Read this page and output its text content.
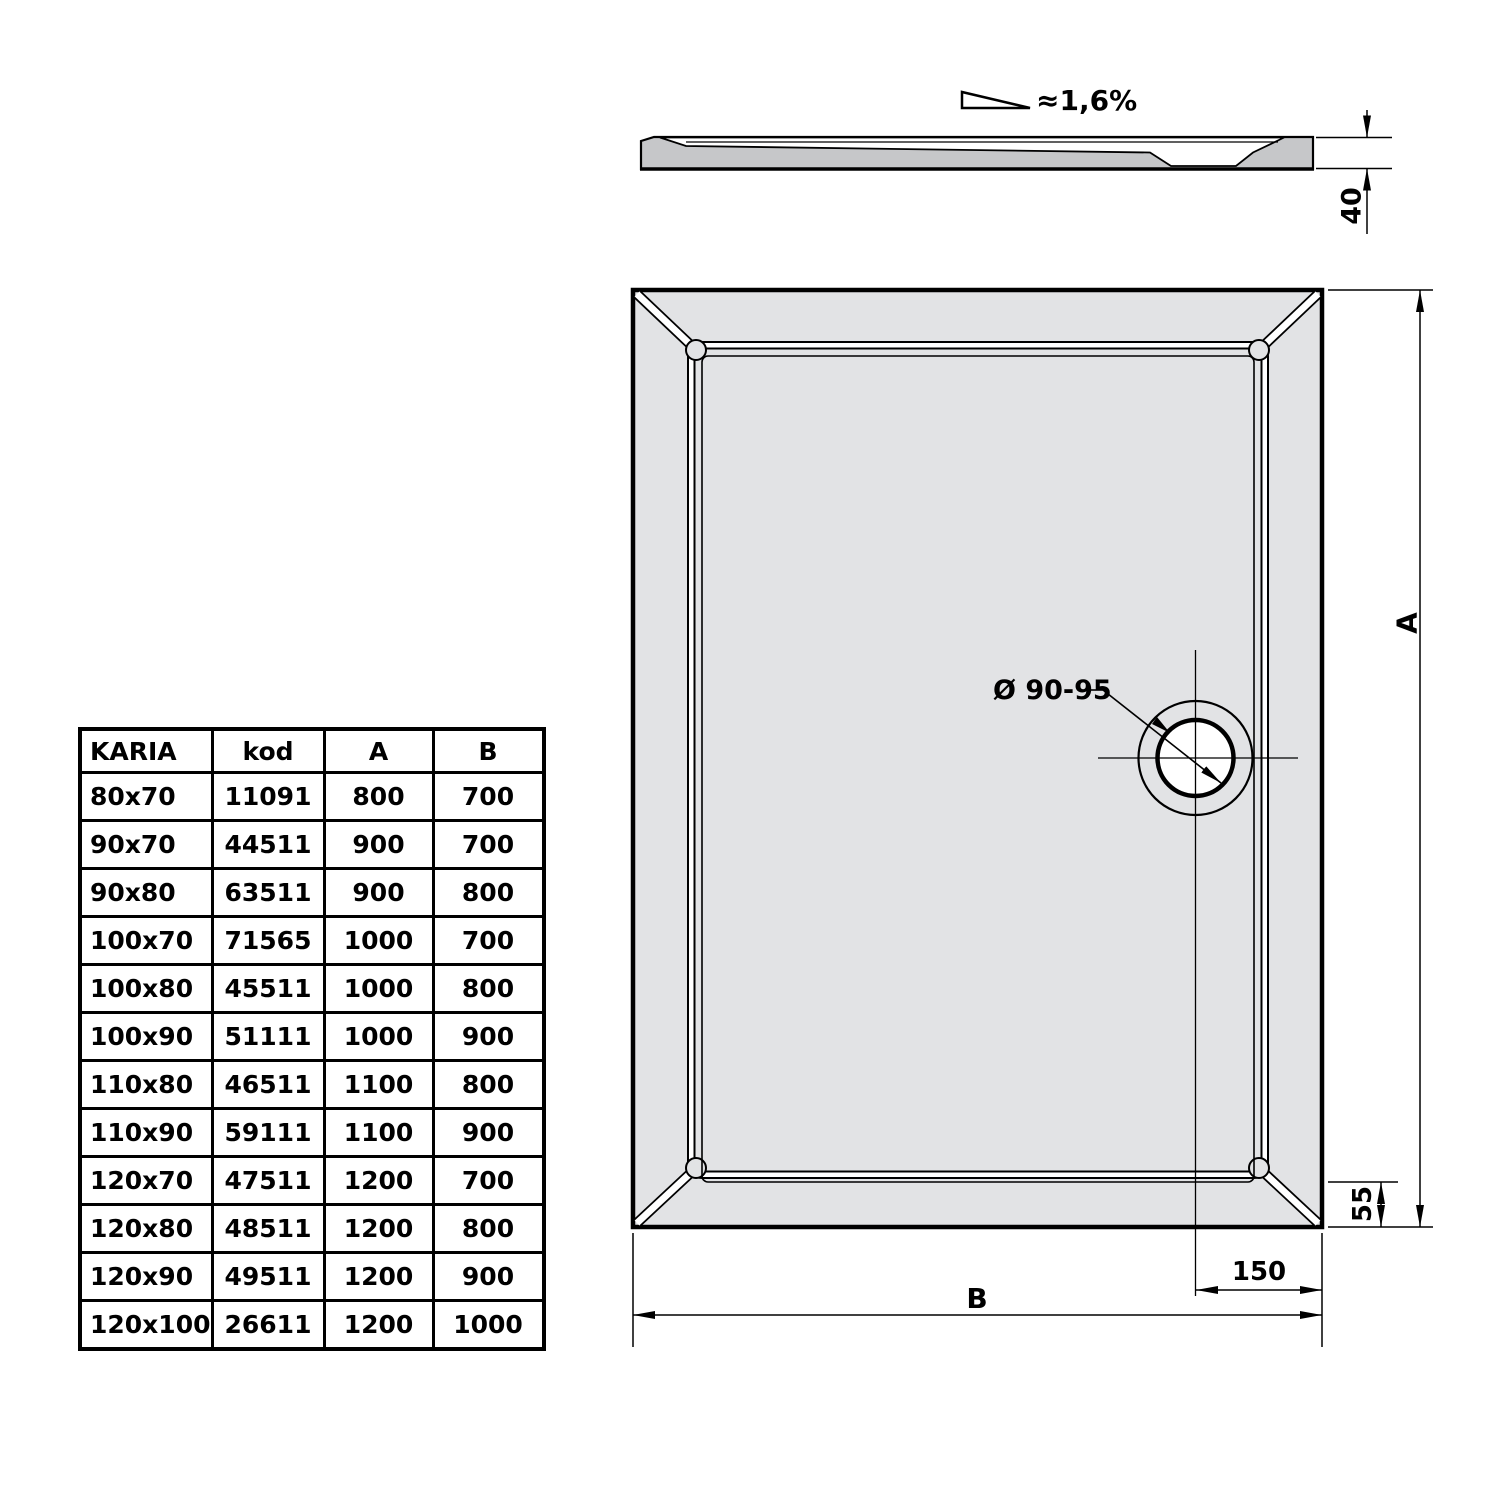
≈1,6%
40
Ø 90-95
A
55
150
B
KARIA	kod	A	B
80x70	11091	800	700
90x70	44511	900	700
90x80	63511	900	800
100x70	71565	1000	700
100x80	45511	1000	800
100x90	51111	1000	900
110x80	46511	1100	800
110x90	59111	1100	900
120x70	47511	1200	700
120x80	48511	1200	800
120x90	49511	1200	900
120x100	26611	1200	1000
